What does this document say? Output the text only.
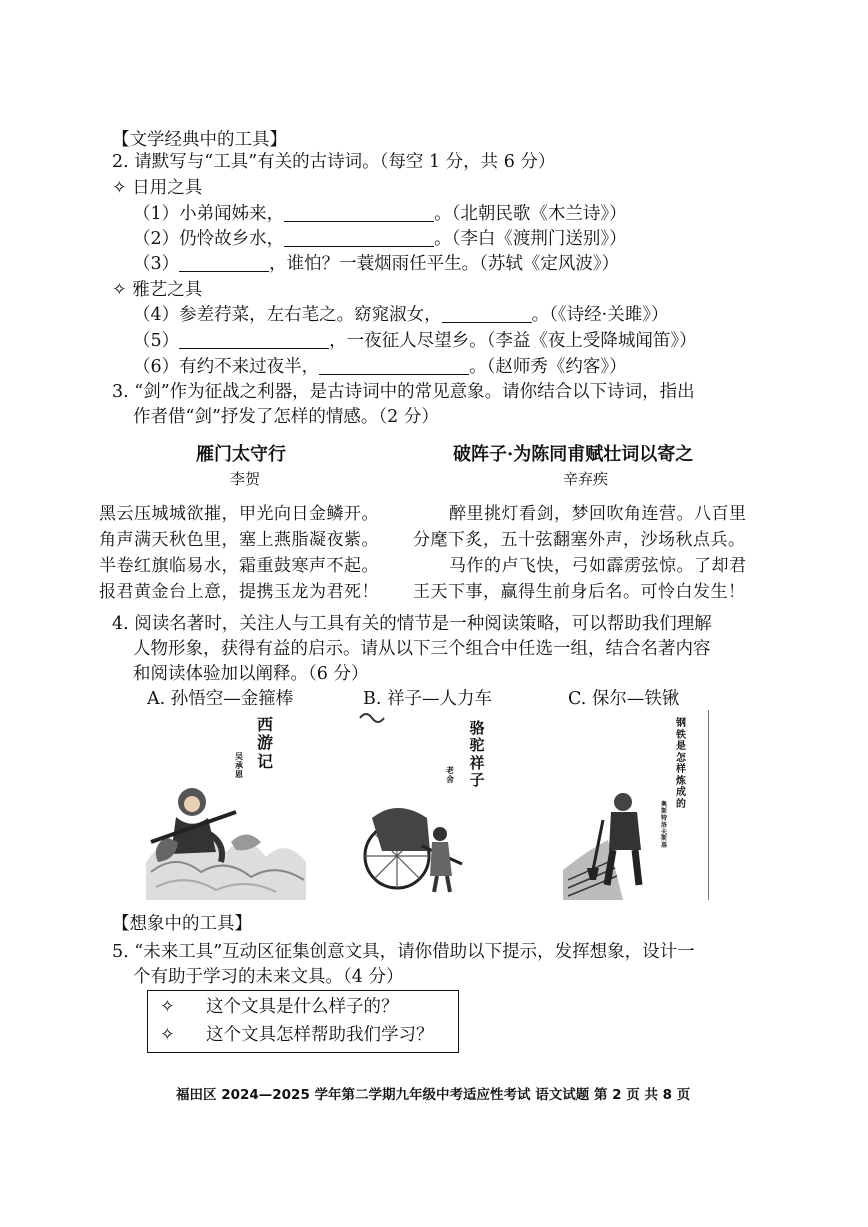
【文学经典中的工具】
2. 请默写与“工具”有关的古诗词。（每空 1 分，共 6 分）
✧ 日用之具
（1）小弟闻姊来，	。（北朝民歌《木兰诗》）
（2）仍怜故乡水，	。（李白《渡荆门送别》）
（3）	，谁怕？一蓑烟雨任平生。（苏轼《定风波》）
✧ 雅艺之具
（4）参差荇菜，左右芼之。窈窕淑女，	。（《诗经·关雎》）
（5）	，一夜征人尽望乡。（李益《夜上受降城闻笛》）
（6）有约不来过夜半，	。（赵师秀《约客》）
3. “剑”作为征战之利器，是古诗词中的常见意象。请你结合以下诗词，指出
作者借“剑”抒发了怎样的情感。（2 分）
雁门太守行
李贺
黑云压城城欲摧，甲光向日金鳞开。
角声满天秋色里，塞上燕脂凝夜紫。
半卷红旗临易水，霜重鼓寒声不起。
报君黄金台上意，提携玉龙为君死！
破阵子·为陈同甫赋壮词以寄之
辛弃疾
醉里挑灯看剑，梦回吹角连营。八百里
分麾下炙，五十弦翻塞外声，沙场秋点兵。
马作的卢飞快，弓如霹雳弦惊。了却君
王天下事，赢得生前身后名。可怜白发生！
4. 阅读名著时，关注人与工具有关的情节是一种阅读策略，可以帮助我们理解
人物形象，获得有益的启示。请从以下三个组合中任选一组，结合名著内容
和阅读体验加以阐释。（6 分）
A. 孙悟空—金箍棒	B. 祥子—人力车	C. 保尔—铁锹
西
游
记
吴
承
恩
骆
驼
祥
子
老
舍
钢
铁
是
怎
样
炼
成
的
奥
斯
特
洛
夫
斯
基
【想象中的工具】
5. “未来工具”互动区征集创意文具，请你借助以下提示，发挥想象，设计一
个有助于学习的未来文具。（4 分）
✧ 这个文具是什么样子的？
✧ 这个文具怎样帮助我们学习？
福田区 2024—2025 学年第二学期九年级中考适应性考试 语文试题 第 2 页 共 8 页
